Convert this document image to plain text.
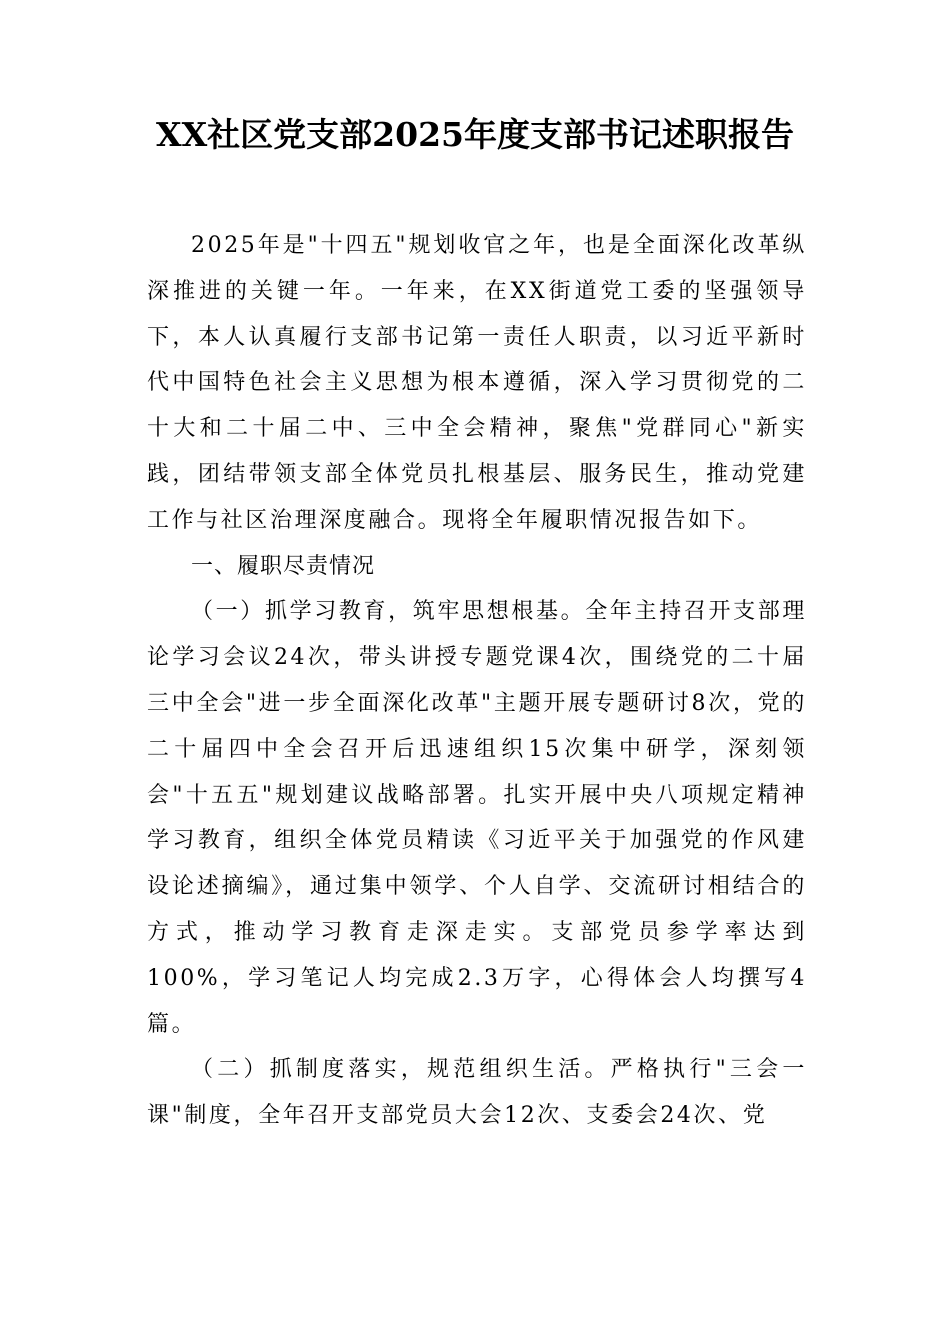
XX社区党支部2025年度支部书记述职报告

2025年是"十四五"规划收官之年，也是全面深化改革纵深推进的关键一年。一年来，在XX街道党工委的坚强领导下，本人认真履行支部书记第一责任人职责，以习近平新时代中国特色社会主义思想为根本遵循，深入学习贯彻党的二十大和二十届二中、三中全会精神，聚焦"党群同心"新实践，团结带领支部全体党员扎根基层、服务民生，推动党建工作与社区治理深度融合。现将全年履职情况报告如下。

一、履职尽责情况

（一）抓学习教育，筑牢思想根基。全年主持召开支部理论学习会议24次，带头讲授专题党课4次，围绕党的二十届三中全会"进一步全面深化改革"主题开展专题研讨8次，党的二十届四中全会召开后迅速组织15次集中研学，深刻领会"十五五"规划建议战略部署。扎实开展中央八项规定精神学习教育，组织全体党员精读《习近平关于加强党的作风建设论述摘编》，通过集中领学、个人自学、交流研讨相结合的方式，推动学习教育走深走实。支部党员参学率达到100%，学习笔记人均完成2.3万字，心得体会人均撰写4篇。

（二）抓制度落实，规范组织生活。严格执行"三会一课"制度，全年召开支部党员大会12次、支委会24次、党
